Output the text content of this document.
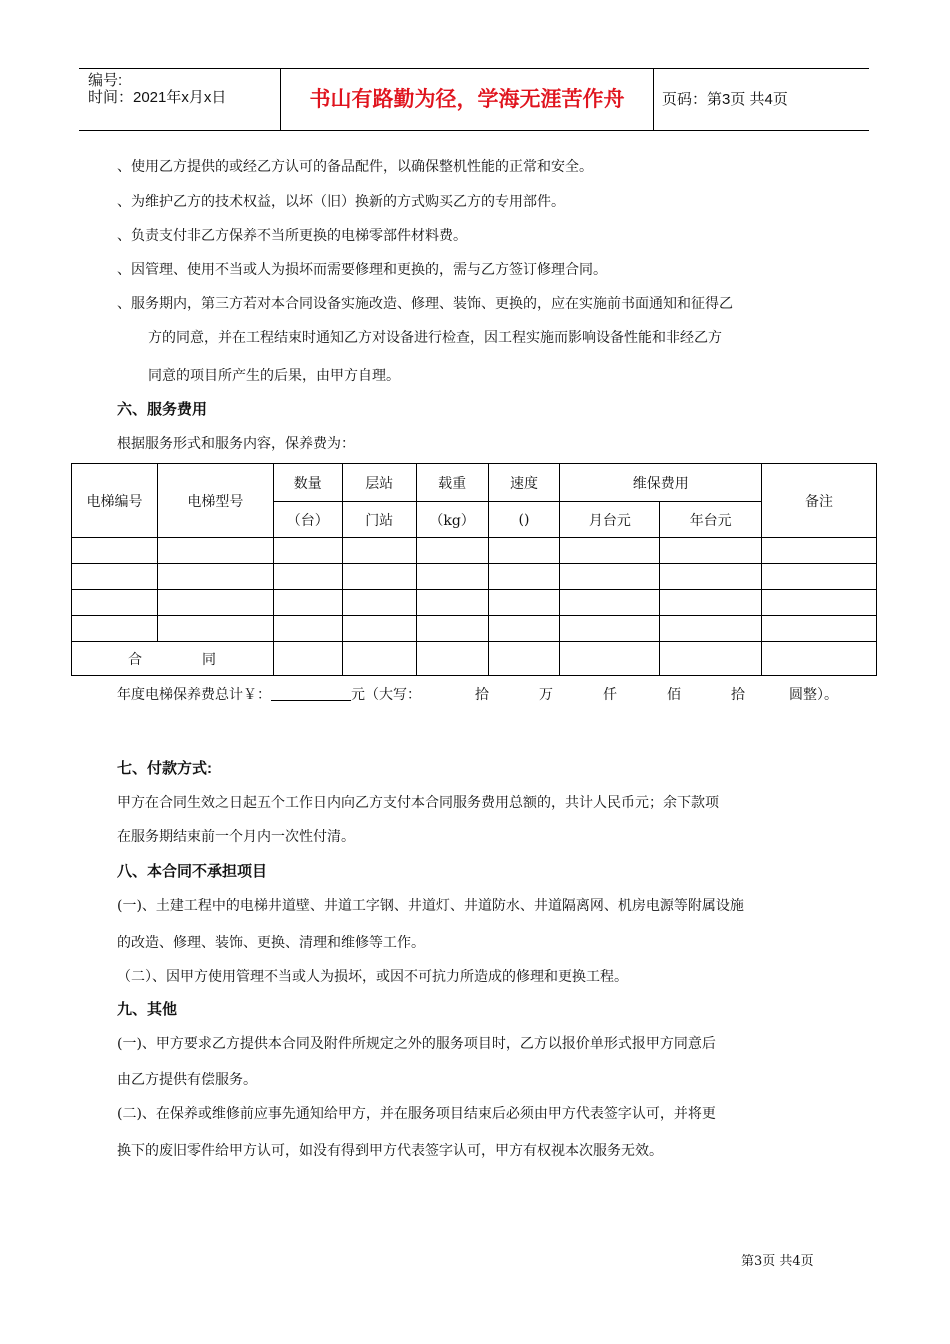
编号:
时间：2021年x月x日	书山有路勤为径，学海无涯苦作舟	页码：第3页 共4页
、使用乙方提供的或经乙方认可的备品配件，以确保整机性能的正常和安全。
、为维护乙方的技术权益，以坏（旧）换新的方式购买乙方的专用部件。
、负责支付非乙方保养不当所更换的电梯零部件材料费。
、因管理、使用不当或人为损坏而需要修理和更换的，需与乙方签订修理合同。
、服务期内，第三方若对本合同设备实施改造、修理、装饰、更换的，应在实施前书面通知和征得乙
方的同意，并在工程结束时通知乙方对设备进行检查，因工程实施而影响设备性能和非经乙方
同意的项目所产生的后果，由甲方自理。
六、服务费用
根据服务形式和服务内容，保养费为：
电梯编号	电梯型号	数量	层站	载重	速度	维保费用		备注
		（台）	门站	（kg）	()	月台元	年台元	

合 同								
年度电梯保养费总计￥：	元（大写：	拾	万	仟	佰	拾	圆整）。
七、付款方式:
甲方在合同生效之日起五个工作日内向乙方支付本合同服务费用总额的，共计人民币元；余下款项
在服务期结束前一个月内一次性付清。
八、本合同不承担项目
(一)、土建工程中的电梯井道壁、井道工字钢、井道灯、井道防水、井道隔离网、机房电源等附属设施
的改造、修理、装饰、更换、清理和维修等工作。
（二）、因甲方使用管理不当或人为损坏，或因不可抗力所造成的修理和更换工程。
九、其他
(一)、甲方要求乙方提供本合同及附件所规定之外的服务项目时，乙方以报价单形式报甲方同意后
由乙方提供有偿服务。
(二)、在保养或维修前应事先通知给甲方，并在服务项目结束后必须由甲方代表签字认可，并将更
换下的废旧零件给甲方认可，如没有得到甲方代表签字认可，甲方有权视本次服务无效。
第3页 共4页
